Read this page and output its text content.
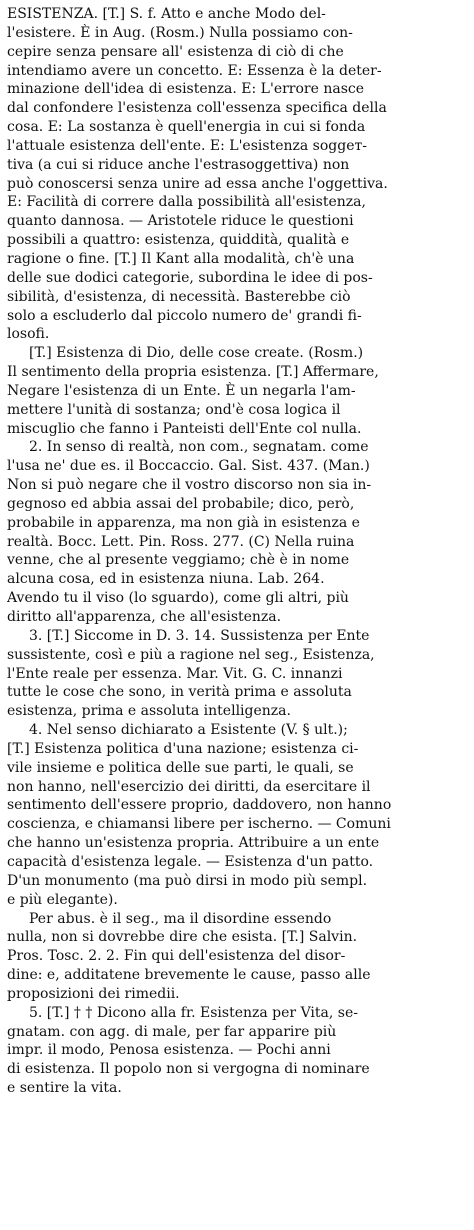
ESISTENZA. [T.] S. f. Atto e anche Modo del-
l'esistere. È in Aug. (Rosm.) Nulla possiamo con-
cepire senza pensare all' esistenza di ciò di che
intendiamo avere un concetto. E: Essenza è la deter-
minazione dell'idea di esistenza. E: L'errore nasce
dal confondere l'esistenza coll'essenza specifica della
cosa. E: La sostanza è quell'energia in cui si fonda
l'attuale esistenza dell'ente. E: L'esistenza soggет-
tiva (a cui si riduce anche l'estrasoggettiva) non
può conoscersi senza unire ad essa anche l'oggettiva.
E: Facilità di correre dalla possibilità all'esistenza,
quanto dannosa. — Aristotele riduce le questioni
possibili a quattro: esistenza, quiddità, qualità e
ragione o fine. [T.] Il Kant alla modalità, ch'è una
delle sue dodici categorie, subordina le idee di pos-
sibilità, d'esistenza, di necessità. Basterebbe ciò
solo a escluderlo dal piccolo numero de' grandi fi-
losofi.
[T.] Esistenza di Dio, delle cose create. (Rosm.)
Il sentimento della propria esistenza. [T.] Affermare,
Negare l'esistenza di un Ente. È un negarla l'am-
mettere l'unità di sostanza; ond'è cosa logica il
miscuglio che fanno i Panteisti dell'Ente col nulla.
2. In senso di realtà, non com., segnatam. come
l'usa ne' due es. il Boccaccio. Gal. Sist. 437. (Man.)
Non si può negare che il vostro discorso non sia in-
gegnoso ed abbia assai del probabile; dico, però,
probabile in apparenza, ma non già in esistenza e
realtà. Bocc. Lett. Pin. Ross. 277. (C) Nella ruina
venne, che al presente veggiamo; chè è in nome
alcuna cosa, ed in esistenza niuna. Lab. 264.
Avendo tu il viso (lo sguardo), come gli altri, più
diritto all'apparenza, che all'esistenza.
3. [T.] Siccome in D. 3. 14. Sussistenza per Ente
sussistente, così e più a ragione nel seg., Esistenza,
l'Ente reale per essenza. Mar. Vit. G. C. innanzi
tutte le cose che sono, in verità prima e assoluta
esistenza, prima e assoluta intelligenza.
4. Nel senso dichiarato a Esistente (V. § ult.);
[T.] Esistenza politica d'una nazione; esistenza ci-
vile insieme e politica delle sue parti, le quali, se
non hanno, nell'esercizio dei diritti, da esercitare il
sentimento dell'essere proprio, daddovero, non hanno
coscienza, e chiamansi libere per ischerno. — Comuni
che hanno un'esistenza propria. Attribuire a un ente
capacità d'esistenza legale. — Esistenza d'un patto.
D'un monumento (ma può dirsi in modo più sempl.
e più elegante).
Per abus. è il seg., ma il disordine essendo
nulla, non si dovrebbe dire che esista. [T.] Salvin.
Pros. Tosc. 2. 2. Fin qui dell'esistenza del disor-
dine: e, additatene brevemente le cause, passo alle
proposizioni dei rimedii.
5. [T.] † † Dicono alla fr. Esistenza per Vita, se-
gnatam. con agg. di male, per far apparire più
impr. il modo, Penosa esistenza. — Pochi anni
di esistenza. Il popolo non si vergogna di nominare
e sentire la vita.
